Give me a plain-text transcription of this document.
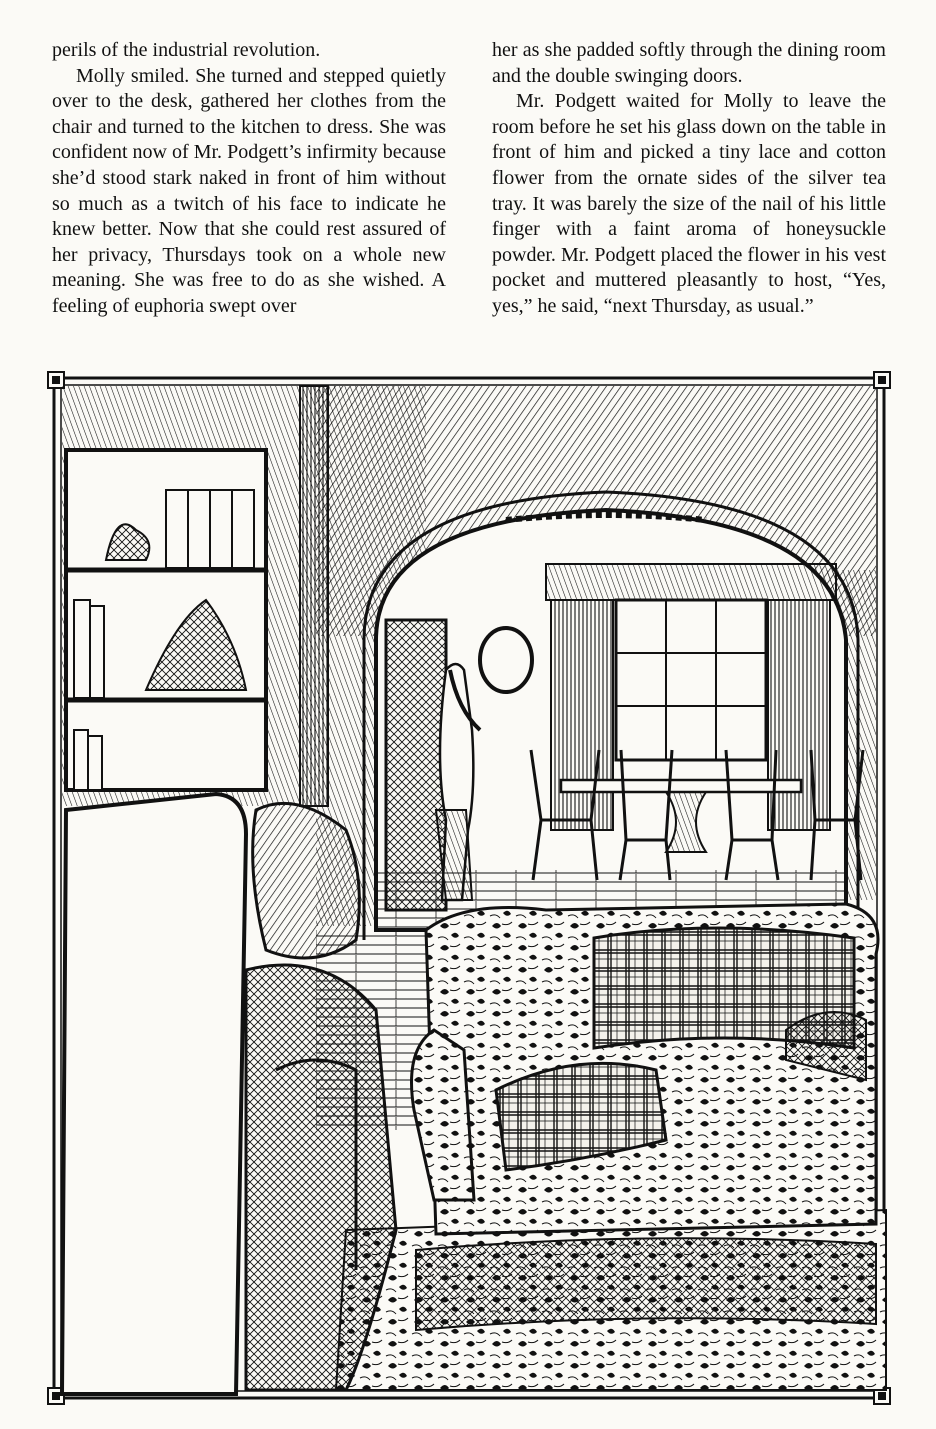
perils of the industrial revolution.

Molly smiled. She turned and stepped quietly over to the desk, gathered her clothes from the chair and turned to the kitchen to dress. She was confident now of Mr. Podgett’s infirmity because she’d stood stark naked in front of him without so much as a twitch of his face to indicate he knew better. Now that she could rest assured of her privacy, Thursdays took on a whole new meaning. She was free to do as she wished. A feeling of euphoria swept over

her as she padded softly through the dining room and the double swinging doors.

Mr. Podgett waited for Molly to leave the room before he set his glass down on the table in front of him and picked a tiny lace and cotton flower from the ornate sides of the silver tea tray. It was barely the size of the nail of his little finger with a faint aroma of honeysuckle powder. Mr. Podgett placed the flower in his vest pocket and muttered pleasantly to host, “Yes, yes,” he said, “next Thursday, as usual.”
